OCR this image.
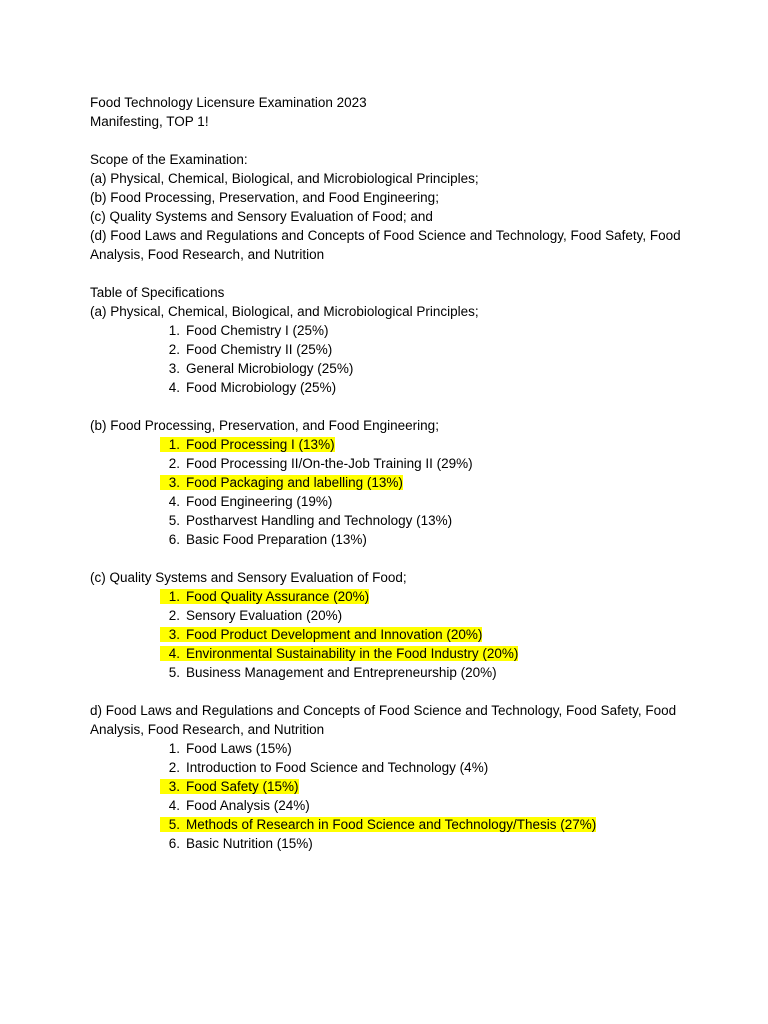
Food Technology Licensure Examination 2023
Manifesting, TOP 1!
Scope of the Examination:
(a) Physical, Chemical, Biological, and Microbiological Principles;
(b) Food Processing, Preservation, and Food Engineering;
(c) Quality Systems and Sensory Evaluation of Food; and
(d) Food Laws and Regulations and Concepts of Food Science and Technology, Food Safety, Food Analysis, Food Research, and Nutrition
Table of Specifications
(a) Physical, Chemical, Biological, and Microbiological Principles;
1. Food Chemistry I (25%)
2. Food Chemistry II (25%)
3. General Microbiology (25%)
4. Food Microbiology (25%)
(b) Food Processing, Preservation, and Food Engineering;
1. Food Processing I (13%)
2. Food Processing II/On-the-Job Training II (29%)
3. Food Packaging and labelling (13%)
4. Food Engineering (19%)
5. Postharvest Handling and Technology (13%)
6. Basic Food Preparation (13%)
(c) Quality Systems and Sensory Evaluation of Food;
1. Food Quality Assurance (20%)
2. Sensory Evaluation (20%)
3. Food Product Development and Innovation (20%)
4. Environmental Sustainability in the Food Industry (20%)
5. Business Management and Entrepreneurship (20%)
d) Food Laws and Regulations and Concepts of Food Science and Technology, Food Safety, Food Analysis, Food Research, and Nutrition
1. Food Laws (15%)
2. Introduction to Food Science and Technology (4%)
3. Food Safety (15%)
4. Food Analysis (24%)
5. Methods of Research in Food Science and Technology/Thesis (27%)
6. Basic Nutrition (15%)
